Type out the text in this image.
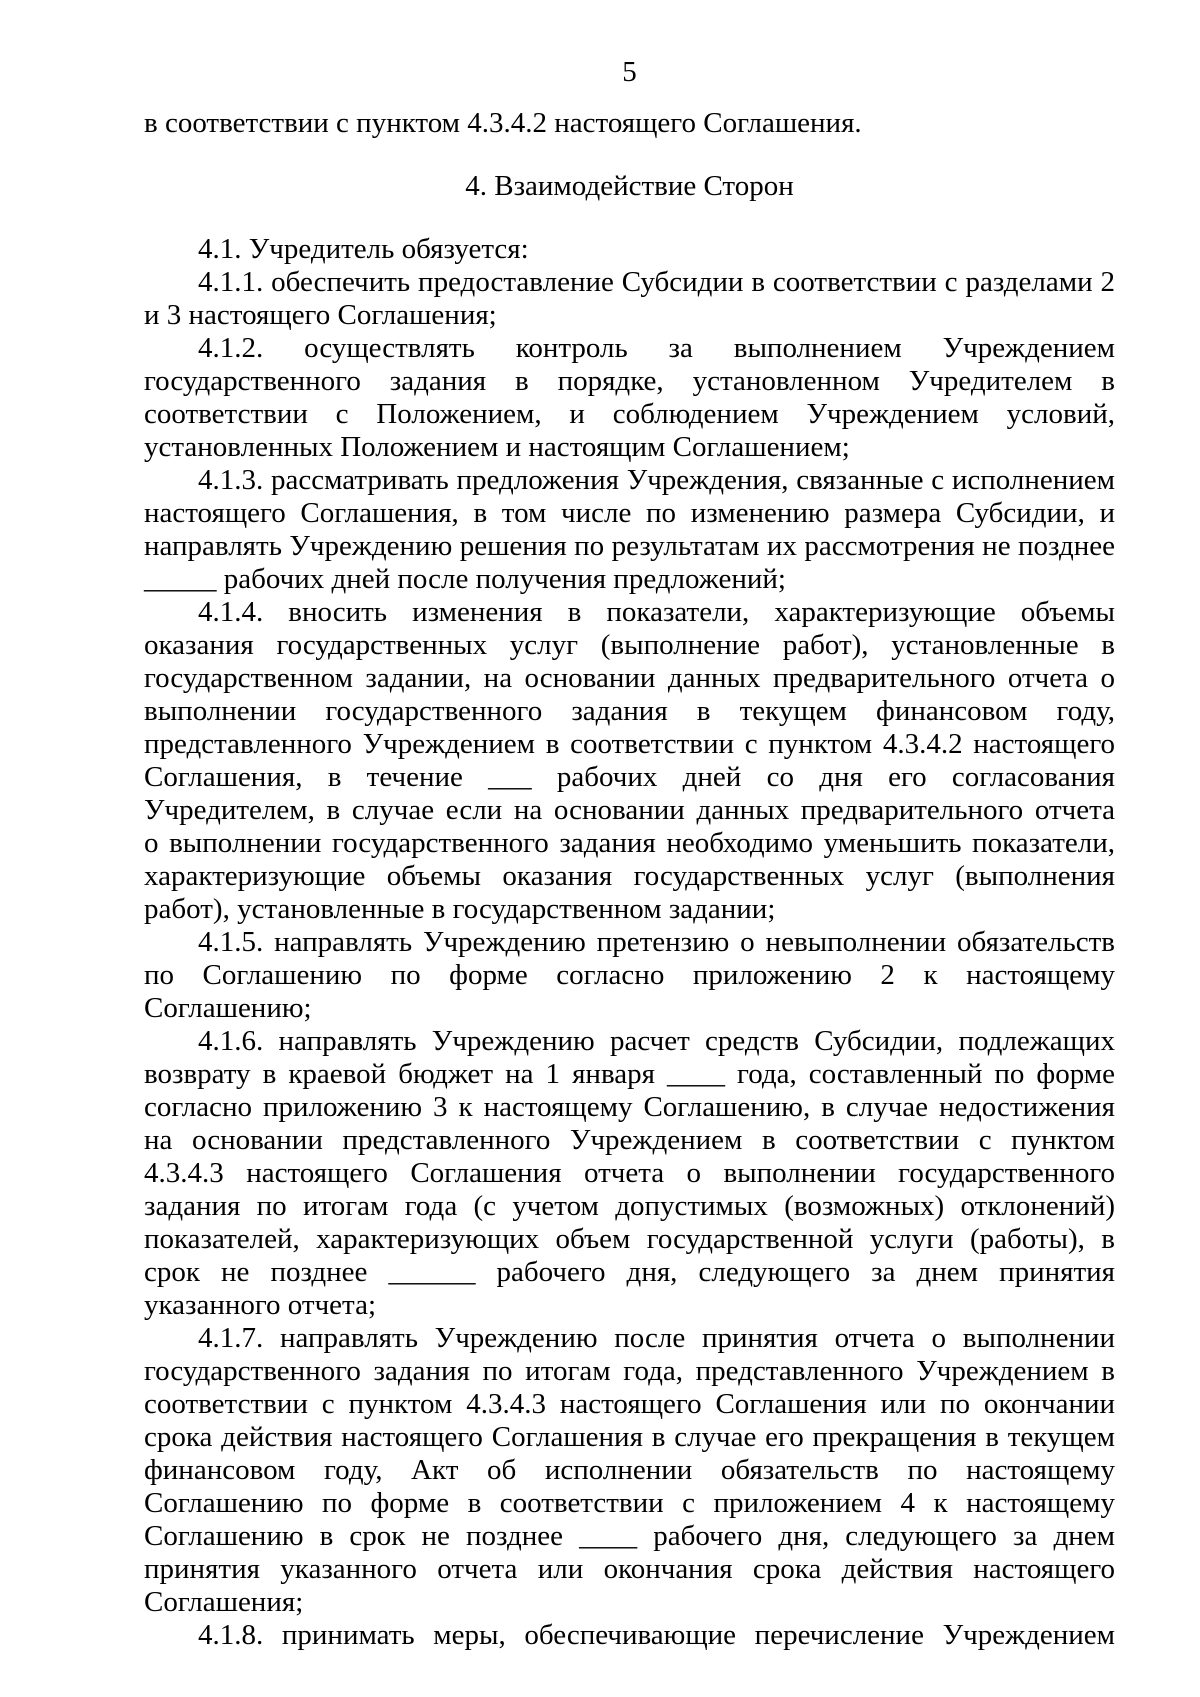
5

в соответствии с пунктом 4.3.4.2 настоящего Соглашения.

4. Взаимодействие Сторон

4.1. Учредитель обязуется:

4.1.1. обеспечить предоставление Субсидии в соответствии с разделами 2 и 3 настоящего Соглашения;

4.1.2. осуществлять контроль за выполнением Учреждением государственного задания в порядке, установленном Учредителем в соответствии с Положением, и соблюдением Учреждением условий, установленных Положением и настоящим Соглашением;

4.1.3. рассматривать предложения Учреждения, связанные с исполнением настоящего Соглашения, в том числе по изменению размера Субсидии, и направлять Учреждению решения по результатам их рассмотрения не позднее _____ рабочих дней после получения предложений;

4.1.4. вносить изменения в показатели, характеризующие объемы оказания государственных услуг (выполнение работ), установленные в государственном задании, на основании данных предварительного отчета о выполнении государственного задания в текущем финансовом году, представленного Учреждением в соответствии с пунктом 4.3.4.2 настоящего Соглашения, в течение ___ рабочих дней со дня его согласования Учредителем, в случае если на основании данных предварительного отчета

о выполнении государственного задания необходимо уменьшить показатели, характеризующие объемы оказания государственных услуг (выполнения работ), установленные в государственном задании;

4.1.5. направлять Учреждению претензию о невыполнении обязательств по Соглашению по форме согласно приложению 2 к настоящему Соглашению;

4.1.6. направлять Учреждению расчет средств Субсидии, подлежащих возврату в краевой бюджет на 1 января ____ года, составленный по форме согласно приложению 3 к настоящему Соглашению, в случае недостижения на основании представленного Учреждением в соответствии с пунктом 4.3.4.3 настоящего Соглашения отчета о выполнении государственного задания по итогам года (с учетом допустимых (возможных) отклонений) показателей, характеризующих объем государственной услуги (работы), в срок не позднее ______ рабочего дня, следующего за днем принятия указанного отчета;

4.1.7. направлять Учреждению после принятия отчета о выполнении государственного задания по итогам года, представленного Учреждением в соответствии с пунктом 4.3.4.3 настоящего Соглашения или по окончании срока действия настоящего Соглашения в случае его прекращения в текущем финансовом году, Акт об исполнении обязательств по настоящему Соглашению по форме в соответствии с приложением 4 к настоящему Соглашению в срок не позднее ____ рабочего дня, следующего за днем принятия указанного отчета или окончания срока действия настоящего Соглашения;

4.1.8. принимать меры, обеспечивающие перечисление Учреждением
